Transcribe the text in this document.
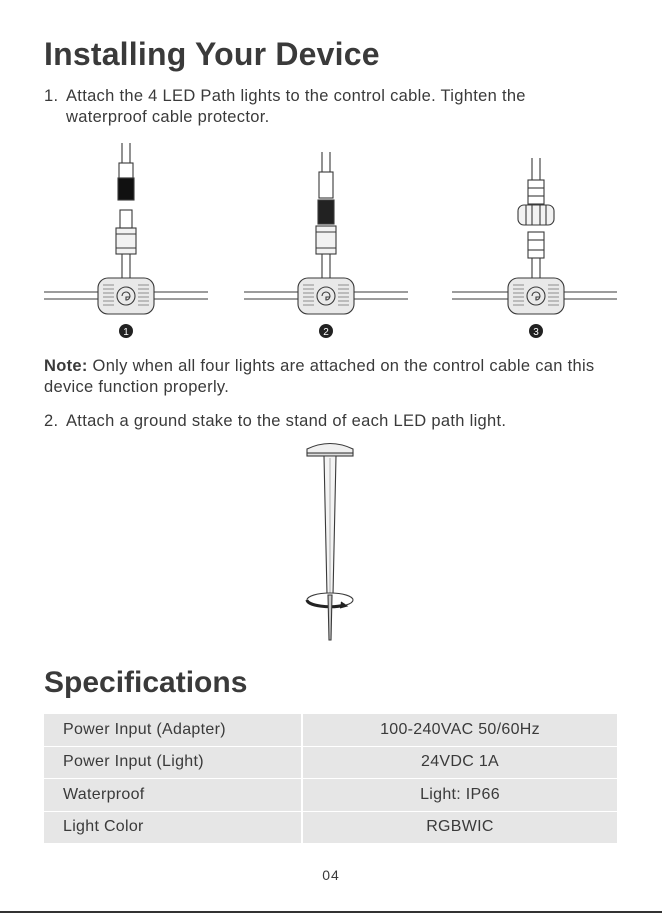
Installing Your Device
1. Attach the 4 LED Path lights to the control cable. Tighten the
waterproof cable protector.
1	2	3
Note: Only when all four lights are attached on the control cable can this device function properly.
2. Attach a ground stake to the stand of each LED path light.
Specifications
Power Input (Adapter)	100-240VAC 50/60Hz
Power Input (Light)	24VDC 1A
Waterproof	Light: IP66
Light Color	RGBWIC
04
